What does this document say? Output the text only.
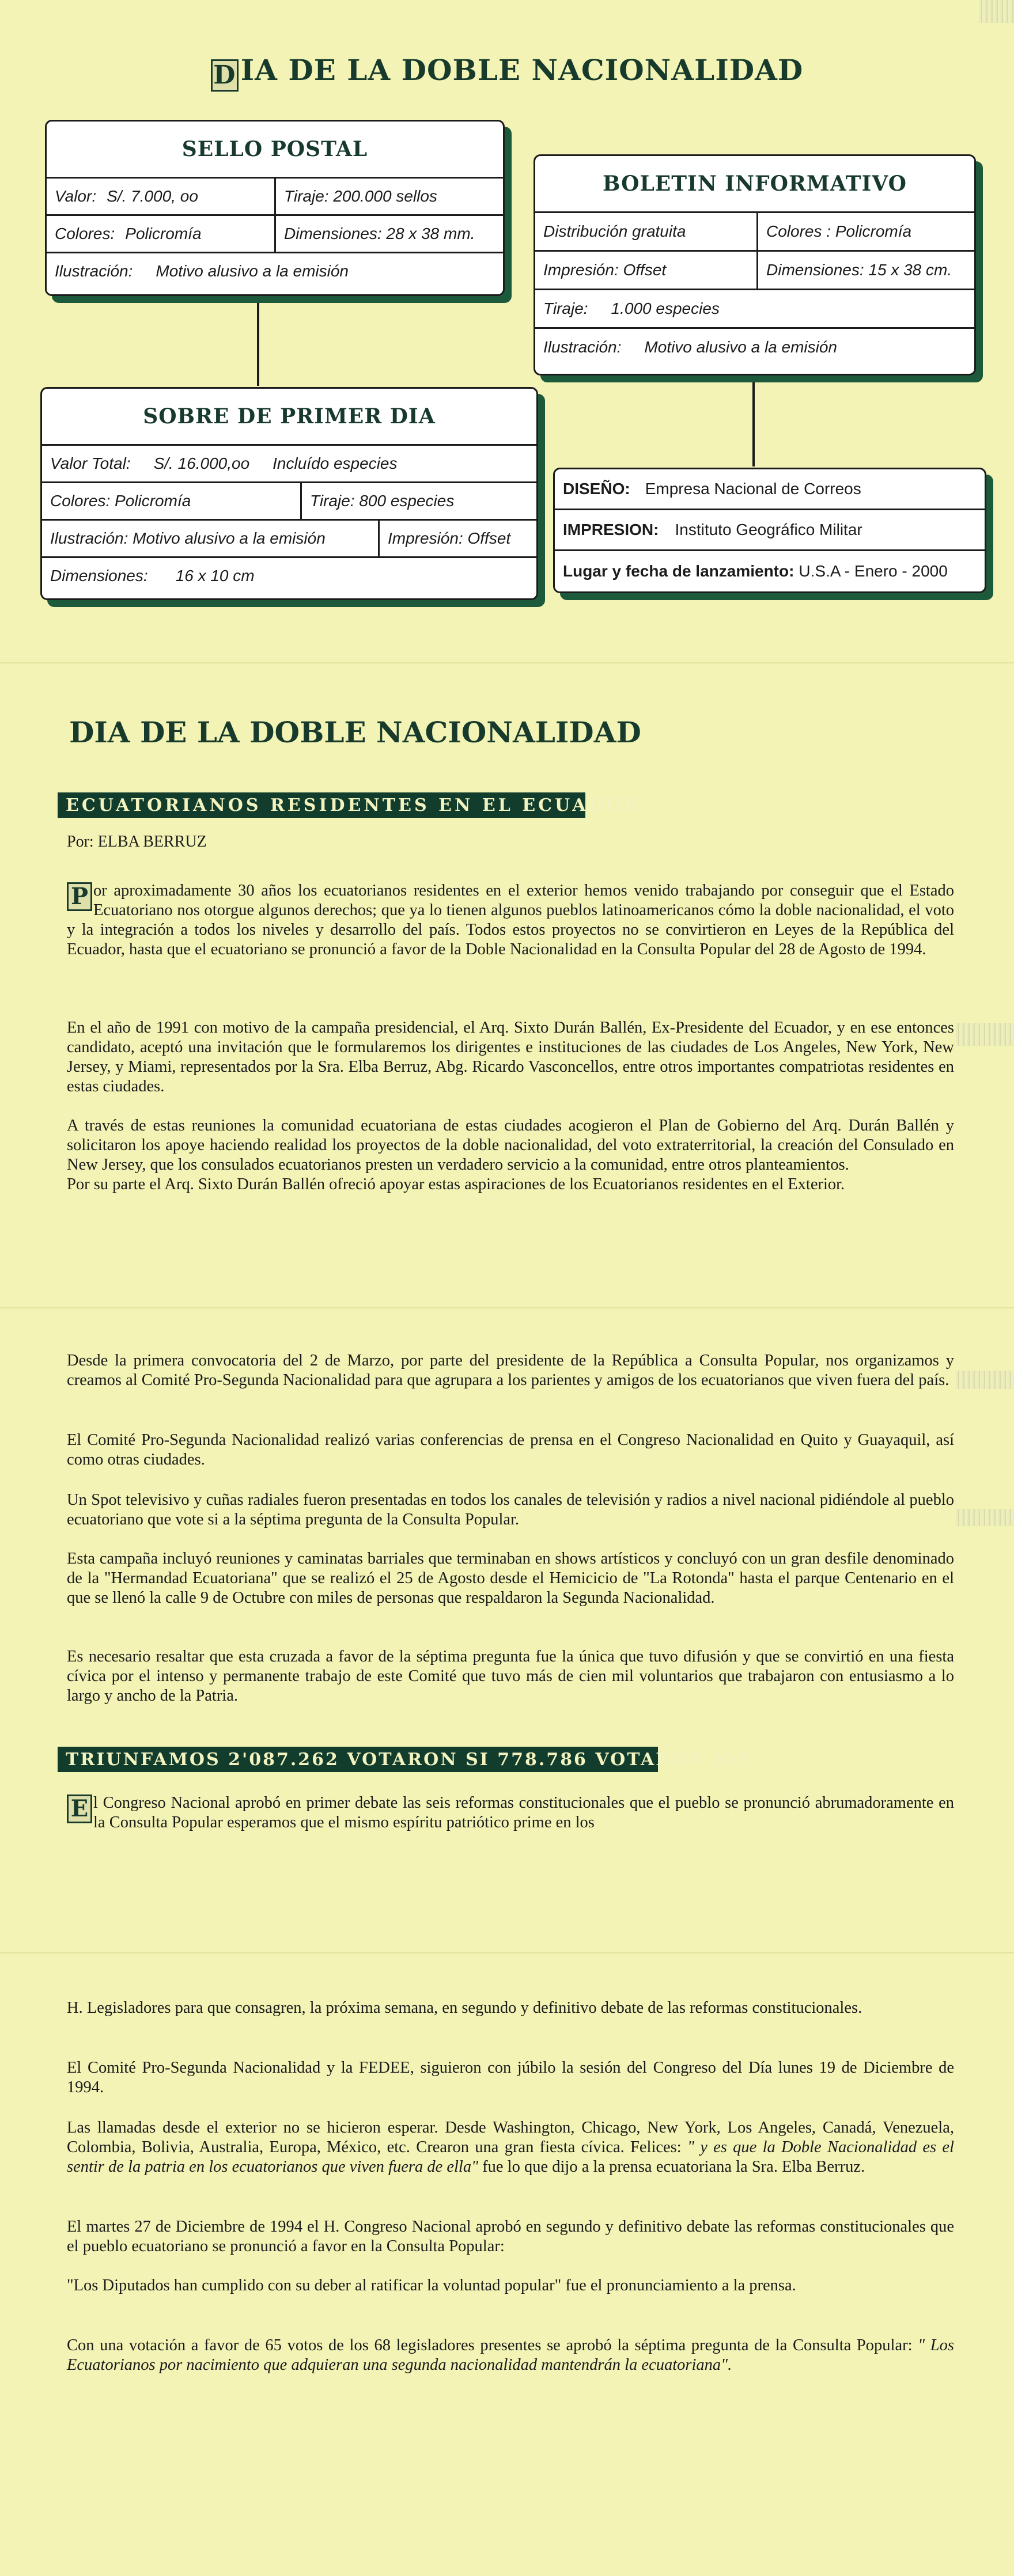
D IA DE LA DOBLE NACIONALIDAD
SELLO POSTAL
Valor: S/. 7.000, oo	Tiraje: 200.000 sellos
Colores: Policromía	Dimensiones: 28 x 38 mm.
Ilustración: Motivo alusivo a la emisión
BOLETIN INFORMATIVO
Distribución gratuita	Colores : Policromía
Impresión: Offset	Dimensiones: 15 x 38 cm.
Tiraje: 1.000 especies
Ilustración: Motivo alusivo a la emisión
SOBRE DE PRIMER DIA
Valor Total: S/. 16.000,oo Incluído especies
Colores: Policromía	Tiraje: 800 especies
Ilustración: Motivo alusivo a la emisión	Impresión: Offset
Dimensiones: 16 x 10 cm
DISEÑO: Empresa Nacional de Correos
IMPRESION: Instituto Geográfico Militar
Lugar y fecha de lanzamiento: U.S.A - Enero - 2000
DIA DE LA DOBLE NACIONALIDAD
ECUATORIANOS RESIDENTES EN EL ECUADOR
Por: ELBA BERRUZ
P or aproximadamente 30 años los ecuatorianos residentes en el exterior hemos venido trabajando por conseguir que el Estado Ecuatoriano nos otorgue algunos derechos; que ya lo tienen algunos pueblos latinoamericanos cómo la doble nacionalidad, el voto y la integración a todos los niveles y desarrollo del país. Todos estos proyectos no se convirtieron en Leyes de la República del Ecuador, hasta que el ecuatoriano se pronunció a favor de la Doble Nacionalidad en la Consulta Popular del 28 de Agosto de 1994.
En el año de 1991 con motivo de la campaña presidencial, el Arq. Sixto Durán Ballén, Ex-Presidente del Ecuador, y en ese entonces candidato, aceptó una invitación que le formularemos los dirigentes e instituciones de las ciudades de Los Angeles, New York, New Jersey, y Miami, representados por la Sra. Elba Berruz, Abg. Ricardo Vasconcellos, entre otros importantes compatriotas residentes en estas ciudades.
A través de estas reuniones la comunidad ecuatoriana de estas ciudades acogieron el Plan de Gobierno del Arq. Durán Ballén y solicitaron los apoye haciendo realidad los proyectos de la doble nacionalidad, del voto extraterritorial, la creación del Consulado en New Jersey, que los consulados ecuatorianos presten un verdadero servicio a la comunidad, entre otros planteamientos.
Por su parte el Arq. Sixto Durán Ballén ofreció apoyar estas aspiraciones de los Ecuatorianos residentes en el Exterior.
Desde la primera convocatoria del 2 de Marzo, por parte del presidente de la República a Consulta Popular, nos organizamos y creamos al Comité Pro-Segunda Nacionalidad para que agrupara a los parientes y amigos de los ecuatorianos que viven fuera del país.
El Comité Pro-Segunda Nacionalidad realizó varias conferencias de prensa en el Congreso Nacionalidad en Quito y Guayaquil, así como otras ciudades.
Un Spot televisivo y cuñas radiales fueron presentadas en todos los canales de televisión y radios a nivel nacional pidiéndole al pueblo ecuatoriano que vote si a la séptima pregunta de la Consulta Popular.
Esta campaña incluyó reuniones y caminatas barriales que terminaban en shows artísticos y concluyó con un gran desfile denominado de la "Hermandad Ecuatoriana" que se realizó el 25 de Agosto desde el Hemicicio de "La Rotonda" hasta el parque Centenario en el que se llenó la calle 9 de Octubre con miles de personas que respaldaron la Segunda Nacionalidad.
Es necesario resaltar que esta cruzada a favor de la séptima pregunta fue la única que tuvo difusión y que se convirtió en una fiesta cívica por el intenso y permanente trabajo de este Comité que tuvo más de cien mil voluntarios que trabajaron con entusiasmo a lo largo y ancho de la Patria.
TRIUNFAMOS 2'087.262 VOTARON SI 778.786 VOTARON NO
E l Congreso Nacional aprobó en primer debate las seis reformas constitucionales que el pueblo se pronunció abrumadoramente en la Consulta Popular esperamos que el mismo espíritu patriótico prime en los
H. Legisladores para que consagren, la próxima semana, en segundo y definitivo debate de las reformas constitucionales.
El Comité Pro-Segunda Nacionalidad y la FEDEE, siguieron con júbilo la sesión del Congreso del Día lunes 19 de Diciembre de 1994.
Las llamadas desde el exterior no se hicieron esperar. Desde Washington, Chicago, New York, Los Angeles, Canadá, Venezuela, Colombia, Bolivia, Australia, Europa, México, etc. Crearon una gran fiesta cívica. Felices: " y es que la Doble Nacionalidad es el sentir de la patria en los ecuatorianos que viven fuera de ella" fue lo que dijo a la prensa ecuatoriana la Sra. Elba Berruz.
El martes 27 de Diciembre de 1994 el H. Congreso Nacional aprobó en segundo y definitivo debate las reformas constitucionales que el pueblo ecuatoriano se pronunció a favor en la Consulta Popular:
"Los Diputados han cumplido con su deber al ratificar la voluntad popular" fue el pronunciamiento a la prensa.
Con una votación a favor de 65 votos de los 68 legisladores presentes se aprobó la séptima pregunta de la Consulta Popular: " Los Ecuatorianos por nacimiento que adquieran una segunda nacionalidad mantendrán la ecuatoriana".
